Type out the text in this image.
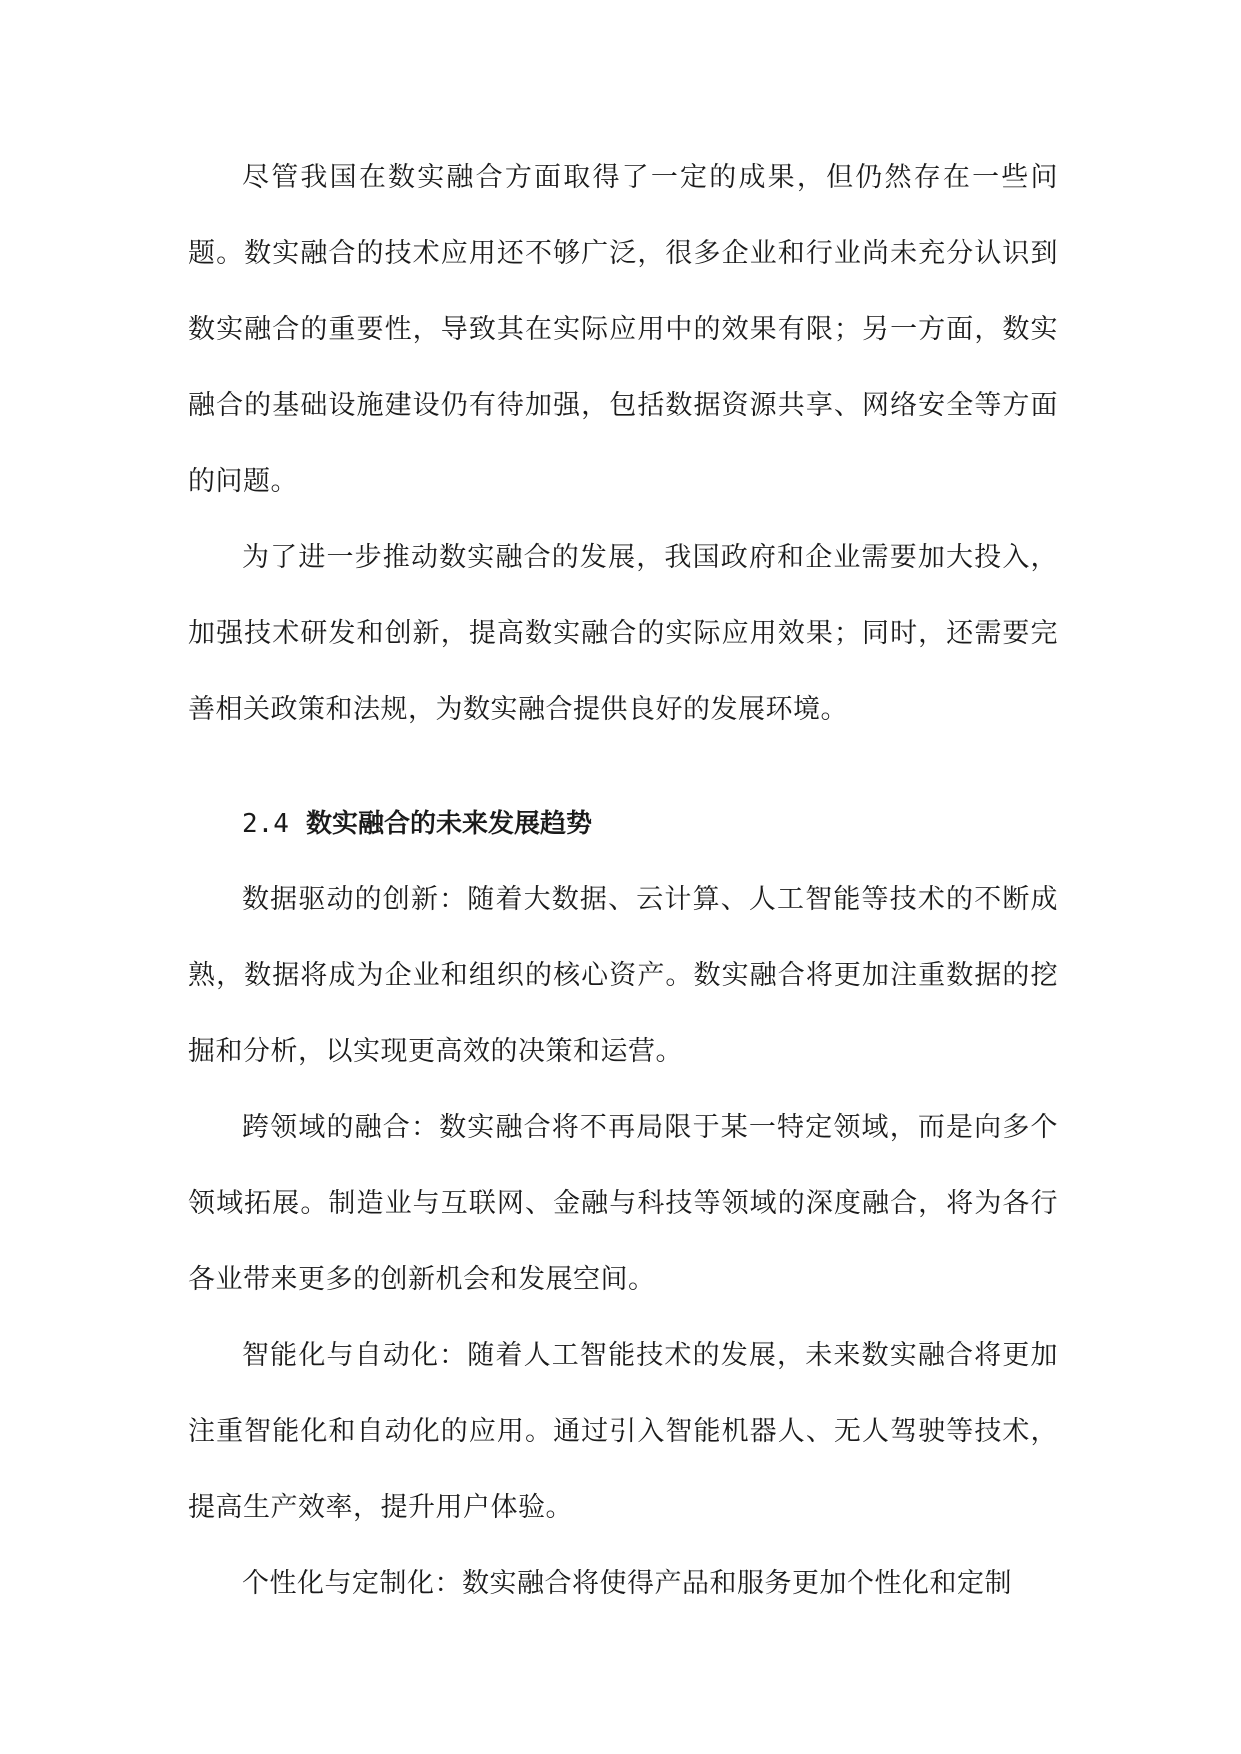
尽管我国在数实融合方面取得了一定的成果，但仍然存在一些问题。数实融合的技术应用还不够广泛，很多企业和行业尚未充分认识到数实融合的重要性，导致其在实际应用中的效果有限；另一方面，数实融合的基础设施建设仍有待加强，包括数据资源共享、网络安全等方面的问题。

为了进一步推动数实融合的发展，我国政府和企业需要加大投入，加强技术研发和创新，提高数实融合的实际应用效果；同时，还需要完善相关政策和法规，为数实融合提供良好的发展环境。

2.4 数实融合的未来发展趋势

数据驱动的创新：随着大数据、云计算、人工智能等技术的不断成熟，数据将成为企业和组织的核心资产。数实融合将更加注重数据的挖掘和分析，以实现更高效的决策和运营。

跨领域的融合：数实融合将不再局限于某一特定领域，而是向多个领域拓展。制造业与互联网、金融与科技等领域的深度融合，将为各行各业带来更多的创新机会和发展空间。

智能化与自动化：随着人工智能技术的发展，未来数实融合将更加注重智能化和自动化的应用。通过引入智能机器人、无人驾驶等技术，提高生产效率，提升用户体验。

个性化与定制化：数实融合将使得产品和服务更加个性化和定制
